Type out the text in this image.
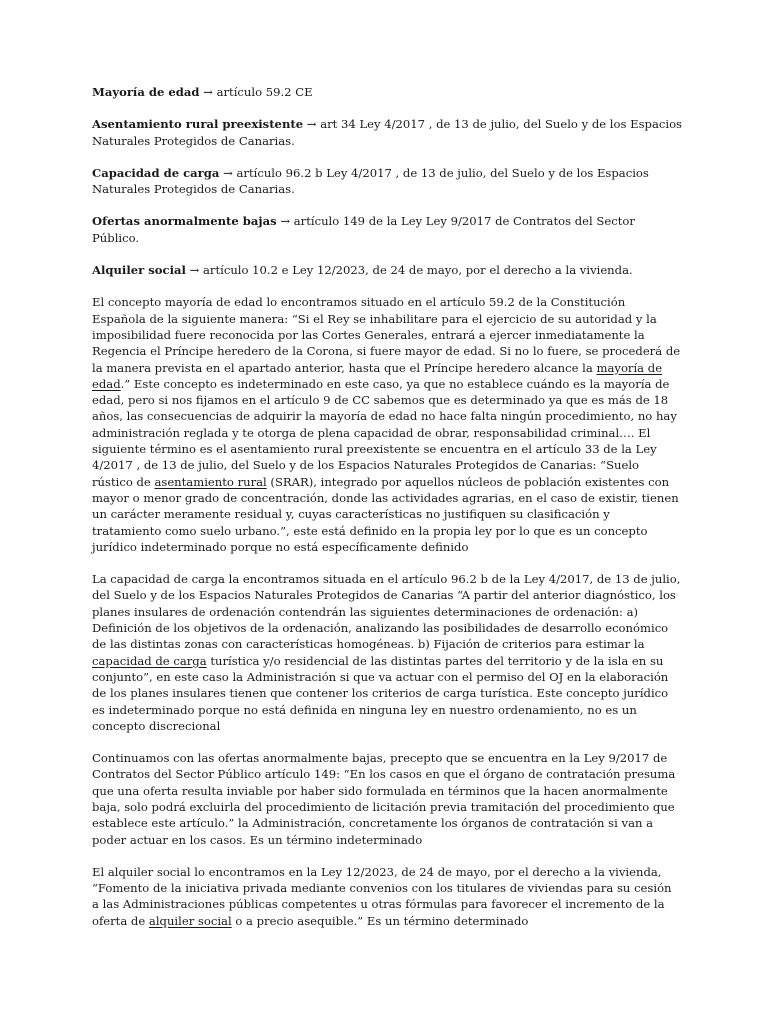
Mayoría de edad → artículo 59.2 CE
Asentamiento rural preexistente → art 34 Ley 4/2017 , de 13 de julio, del Suelo y de los Espacios Naturales Protegidos de Canarias.
Capacidad de carga → artículo 96.2 b Ley 4/2017 , de 13 de julio, del Suelo y de los Espacios Naturales Protegidos de Canarias.
Ofertas anormalmente bajas → artículo 149 de la Ley Ley 9/2017 de Contratos del Sector Público.
Alquiler social → artículo 10.2 e Ley 12/2023, de 24 de mayo, por el derecho a la vivienda.

El concepto mayoría de edad lo encontramos situado en el artículo 59.2 de la Constitución Española de la siguiente manera: “Si el Rey se inhabilitare para el ejercicio de su autoridad y la imposibilidad fuere reconocida por las Cortes Generales, entrará a ejercer inmediatamente la Regencia el Príncipe heredero de la Corona, si fuere mayor de edad. Si no lo fuere, se procederá de la manera prevista en el apartado anterior, hasta que el Príncipe heredero alcance la mayoría de edad.” Este concepto es indeterminado en este caso, ya que no establece cuándo es la mayoría de edad, pero si nos fijamos en el artículo 9 de CC sabemos que es determinado ya que es más de 18 años, las consecuencias de adquirir la mayoría de edad no hace falta ningún procedimiento, no hay administración reglada y te otorga de plena capacidad de obrar, responsabilidad criminal…. El siguiente término es el asentamiento rural preexistente se encuentra en el artículo 33 de la Ley 4/2017 , de 13 de julio, del Suelo y de los Espacios Naturales Protegidos de Canarias: “Suelo rústico de asentamiento rural (SRAR), integrado por aquellos núcleos de población existentes con mayor o menor grado de concentración, donde las actividades agrarias, en el caso de existir, tienen un carácter meramente residual y, cuyas características no justifiquen su clasificación y tratamiento como suelo urbano.”, este está definido en la propia ley por lo que es un concepto jurídico indeterminado porque no está específicamente definido

La capacidad de carga la encontramos situada en el artículo 96.2 b de la Ley 4/2017, de 13 de julio, del Suelo y de los Espacios Naturales Protegidos de Canarias “A partir del anterior diagnóstico, los planes insulares de ordenación contendrán las siguientes determinaciones de ordenación: a) Definición de los objetivos de la ordenación, analizando las posibilidades de desarrollo económico de las distintas zonas con características homogéneas. b) Fijación de criterios para estimar la capacidad de carga turística y/o residencial de las distintas partes del territorio y de la isla en su conjunto”, en este caso la Administración si que va actuar con el permiso del OJ en la elaboración de los planes insulares tienen que contener los criterios de carga turística. Este concepto jurídico es indeterminado porque no está definida en ninguna ley en nuestro ordenamiento, no es un concepto discrecional

Continuamos con las ofertas anormalmente bajas, precepto que se encuentra en la Ley 9/2017 de Contratos del Sector Público artículo 149: “En los casos en que el órgano de contratación presuma que una oferta resulta inviable por haber sido formulada en términos que la hacen anormalmente baja, solo podrá excluirla del procedimiento de licitación previa tramitación del procedimiento que establece este artículo.” la Administración, concretamente los órganos de contratación si van a poder actuar en los casos. Es un término indeterminado

El alquiler social lo encontramos en la Ley 12/2023, de 24 de mayo, por el derecho a la vivienda, “Fomento de la iniciativa privada mediante convenios con los titulares de viviendas para su cesión a las Administraciones públicas competentes u otras fórmulas para favorecer el incremento de la oferta de alquiler social o a precio asequible.” Es un término determinado
